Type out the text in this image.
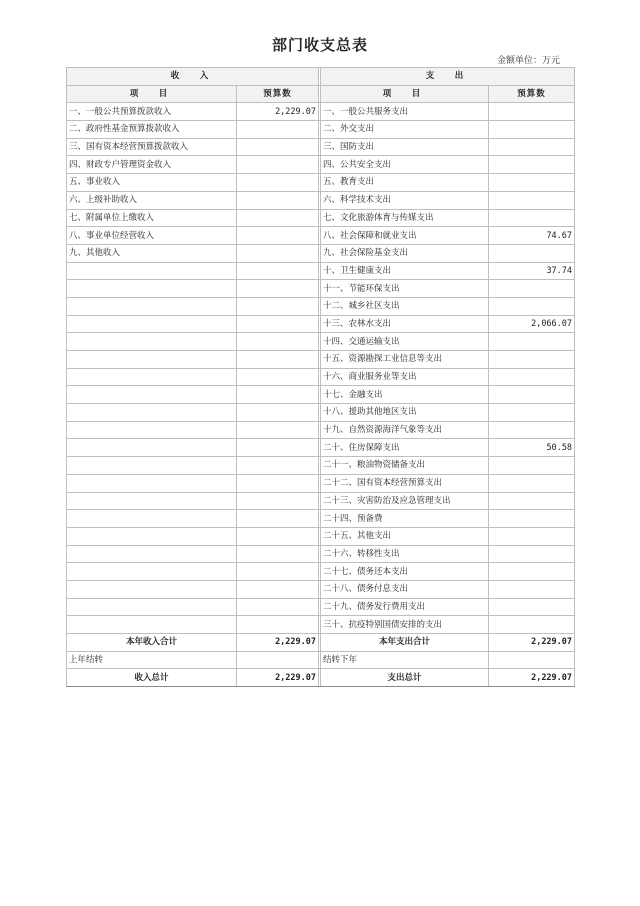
部门收支总表
金额单位：万元
收　入			支　出	
项　目	预算数		项　目	预算数
一、一般公共预算拨款收入	2,229.07		一、一般公共服务支出	
二、政府性基金预算拨款收入			二、外交支出	
三、国有资本经营预算拨款收入			三、国防支出	
四、财政专户管理资金收入			四、公共安全支出	
五、事业收入			五、教育支出	
六、上级补助收入			六、科学技术支出	
七、附属单位上缴收入			七、文化旅游体育与传媒支出	
八、事业单位经营收入			八、社会保障和就业支出	74.67
九、其他收入			九、社会保险基金支出	
			十、卫生健康支出	37.74
			十一、节能环保支出	
			十二、城乡社区支出	
			十三、农林水支出	2,066.07
			十四、交通运输支出	
			十五、资源勘探工业信息等支出	
			十六、商业服务业等支出	
			十七、金融支出	
			十八、援助其他地区支出	
			十九、自然资源海洋气象等支出	
			二十、住房保障支出	50.58
			二十一、粮油物资储备支出	
			二十二、国有资本经营预算支出	
			二十三、灾害防治及应急管理支出	
			二十四、预备费	
			二十五、其他支出	
			二十六、转移性支出	
			二十七、债务还本支出	
			二十八、债务付息支出	
			二十九、债务发行费用支出	
			三十、抗疫特别国债安排的支出	
本年收入合计	2,229.07		本年支出合计	2,229.07
上年结转			结转下年	
收入总计	2,229.07		支出总计	2,229.07
